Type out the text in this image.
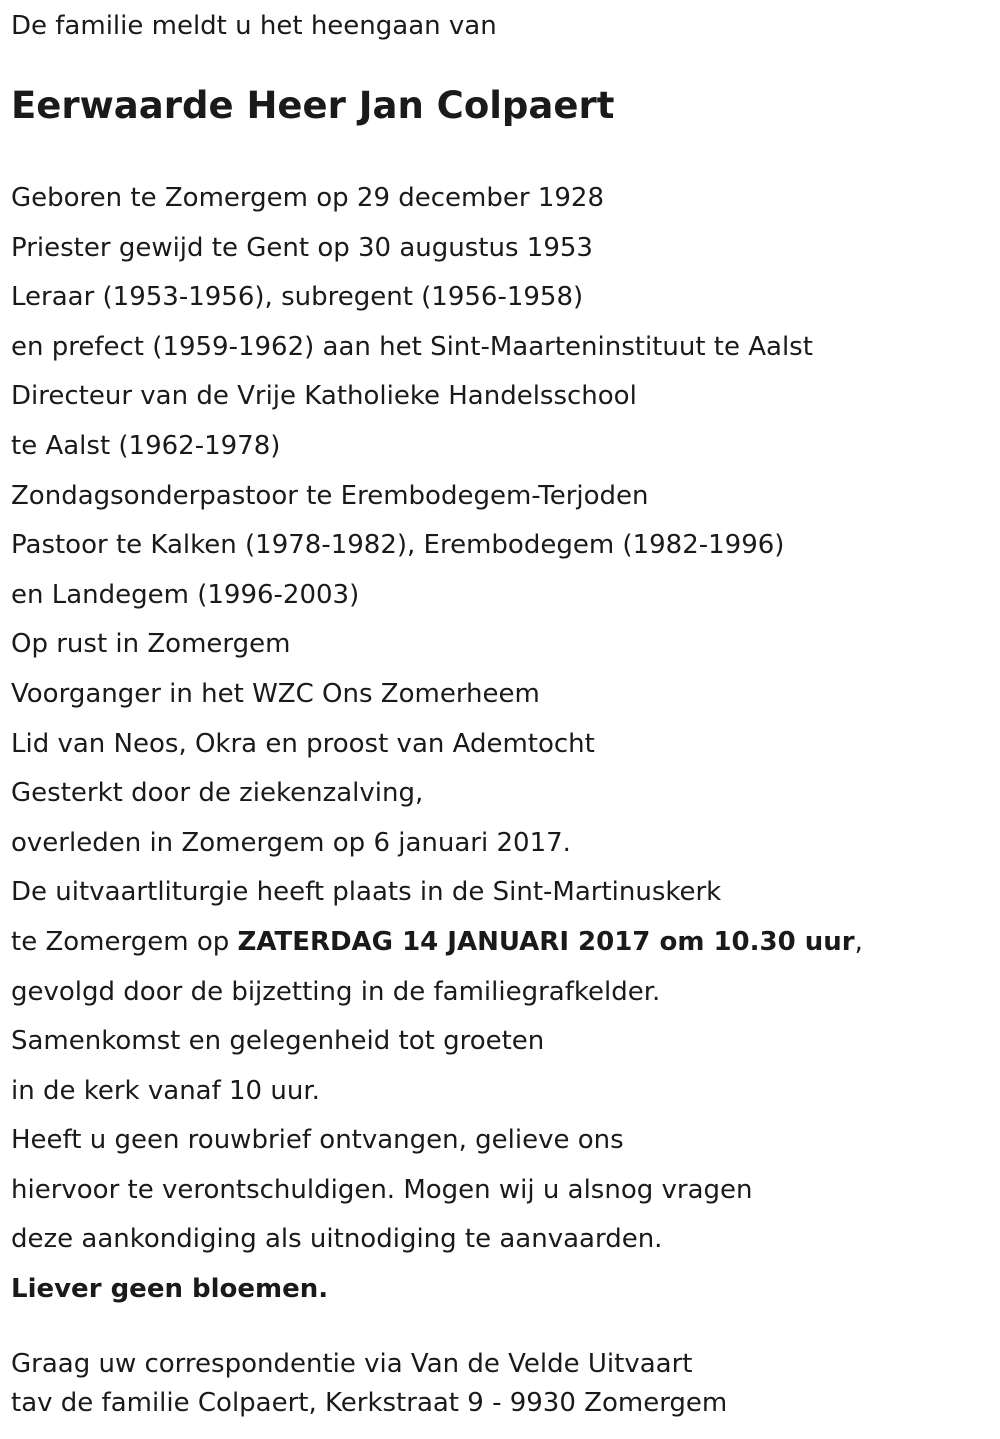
De familie meldt u het heengaan van
Eerwaarde Heer Jan Colpaert
Geboren te Zomergem op 29 december 1928
Priester gewijd te Gent op 30 augustus 1953
Leraar (1953-1956), subregent (1956-1958)
en prefect (1959-1962) aan het Sint-Maarteninstituut te Aalst
Directeur van de Vrije Katholieke Handelsschool
te Aalst (1962-1978)
Zondagsonderpastoor te Erembodegem-Terjoden
Pastoor te Kalken (1978-1982), Erembodegem (1982-1996)
en Landegem (1996-2003)
Op rust in Zomergem
Voorganger in het WZC Ons Zomerheem
Lid van Neos, Okra en proost van Ademtocht
Gesterkt door de ziekenzalving,
overleden in Zomergem op 6 januari 2017.
De uitvaartliturgie heeft plaats in de Sint-Martinuskerk
te Zomergem op ZATERDAG 14 JANUARI 2017 om 10.30 uur,
gevolgd door de bijzetting in de familiegrafkelder.
Samenkomst en gelegenheid tot groeten
in de kerk vanaf 10 uur.
Heeft u geen rouwbrief ontvangen, gelieve ons
hiervoor te verontschuldigen. Mogen wij u alsnog vragen
deze aankondiging als uitnodiging te aanvaarden.
Liever geen bloemen.
Graag uw correspondentie via Van de Velde Uitvaart
tav de familie Colpaert, Kerkstraat 9 - 9930 Zomergem
